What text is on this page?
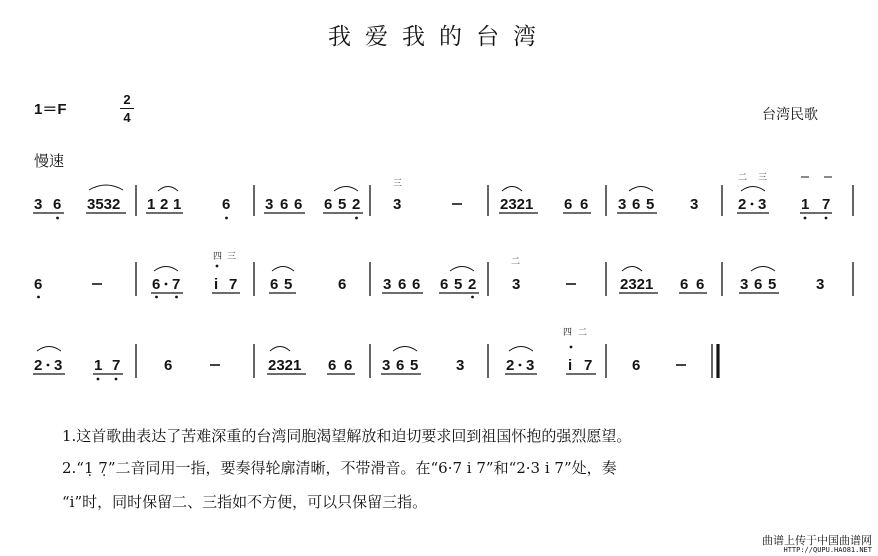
我爱我的台湾
1＝F
2
4	台湾民歌
慢速
3 6 3532 1 2 1	6 3 6 6 6 5 2
三
3	2321 6 6 3 6 5 3
二 三
2 3 1 7
6	6 7
四 三
i 7 6 5	6 3 6 6 6 5 2
二
3	2321 6 6 3 6 5	3
2 3 1 7	6	2321 6 6 3 6 5	3	2 3
四 二
i 7	6
1.这首歌曲表达了苦难深重的台湾同胞渴望解放和迫切要求回到祖国怀抱的强烈愿望。
2.“1̣ 7̣”二音同用一指，要奏得轮廓清晰，不带滑音。在“6·7 i 7”和“2·3 i 7”处，奏
“i”时，同时保留二、三指如不方便，可以只保留三指。
曲谱上传于中国曲谱网
HTTP://QUPU.HAO81.NET
